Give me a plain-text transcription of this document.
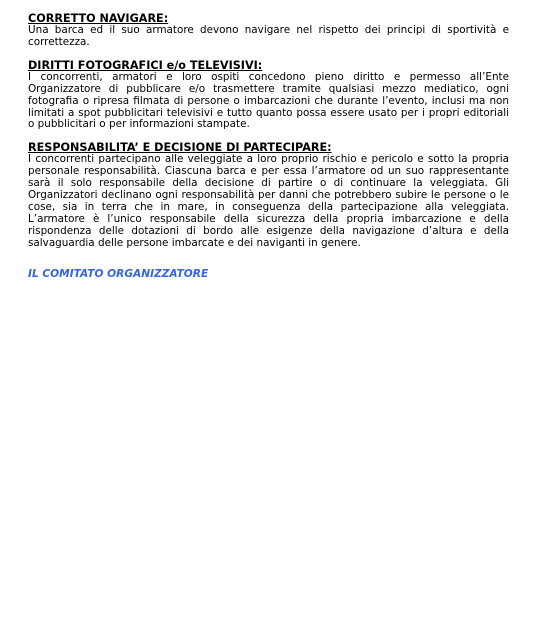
CORRETTO NAVIGARE:

Una barca ed il suo armatore devono navigare nel rispetto dei principi di sportività e correttezza.

DIRITTI FOTOGRAFICI e/o TELEVISIVI:

I concorrenti, armatori e loro ospiti concedono pieno diritto e permesso all’Ente Organizzatore di pubblicare e/o trasmettere tramite qualsiasi mezzo mediatico, ogni fotografia o ripresa filmata di persone o imbarcazioni che durante l’evento, inclusi ma non limitati a spot pubblicitari televisivi e tutto quanto possa essere usato per i propri editoriali o pubblicitari o per informazioni stampate.

RESPONSABILITA’ E DECISIONE DI PARTECIPARE:

I concorrenti partecipano alle veleggiate a loro proprio rischio e pericolo e sotto la propria personale responsabilità. Ciascuna barca e per essa l’armatore od un suo rappresentante sarà il solo responsabile della decisione di partire o di continuare la veleggiata. Gli Organizzatori declinano ogni responsabilità per danni che potrebbero subire le persone o le cose, sia in terra che in mare, in conseguenza della partecipazione alla veleggiata. L’armatore è l’unico responsabile della sicurezza della propria imbarcazione e della rispondenza delle dotazioni di bordo alle esigenze della navigazione d’altura e della salvaguardia delle persone imbarcate e dei naviganti in genere.

IL COMITATO ORGANIZZATORE
